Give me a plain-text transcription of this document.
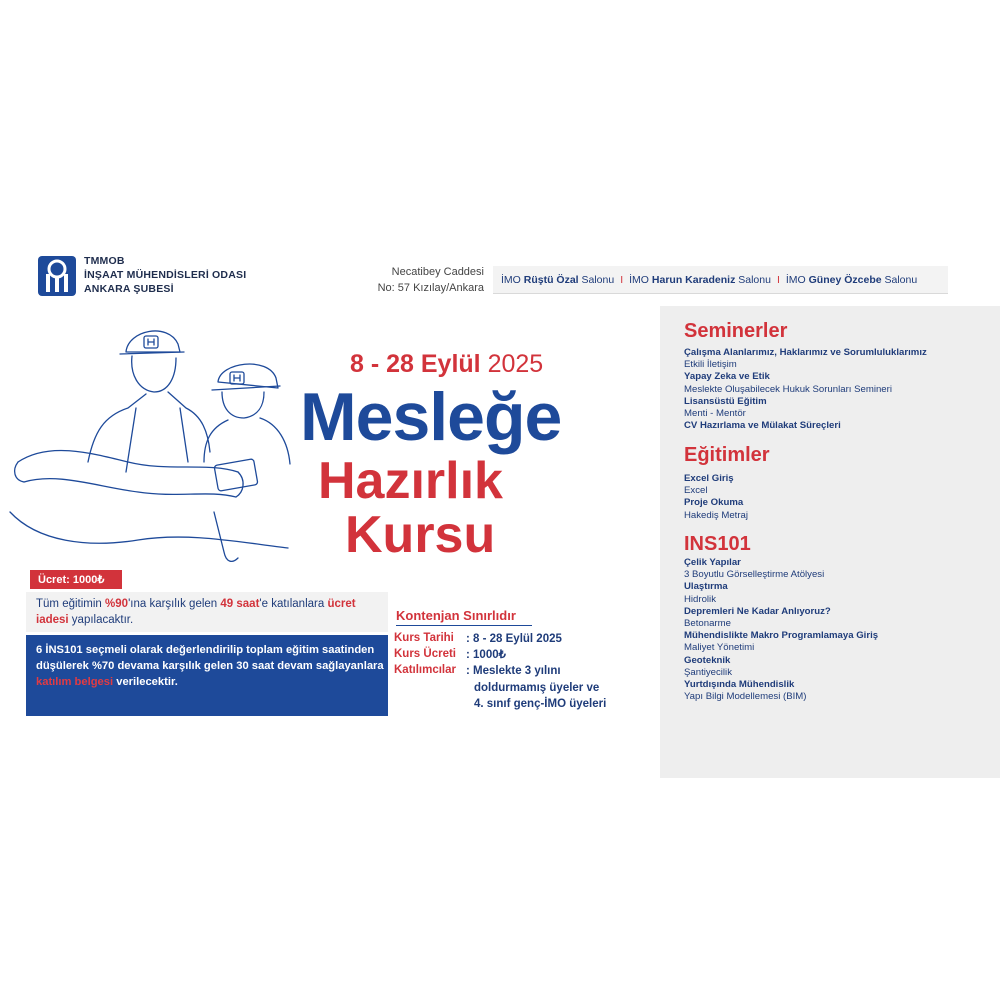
TMMOB
İNŞAAT MÜHENDİSLERİ ODASI
ANKARA ŞUBESİ
Necatibey Caddesi
No: 57 Kızılay/Ankara
İMO Rüştü Özal Salonu I İMO Harun Karadeniz Salonu I İMO Güney Özcebe Salonu
8 - 28 Eylül 2025
Mesleğe
Hazırlık
Kursu
Ücret: 1000₺
Tüm eğitimin %90'ına karşılık gelen 49 saat'e katılanlara ücret iadesi yapılacaktır.
6 İNS101 seçmeli olarak değerlendirilip toplam eğitim saatinden düşülerek %70 devama karşılık gelen 30 saat devam sağlayanlara katılım belgesi verilecektir.
Kontenjan Sınırlıdır
Kurs Tarihi : 8 - 28 Eylül 2025
Kurs Ücreti : 1000₺
Katılımcılar : Meslekte 3 yılını
doldurmamış üyeler ve
4. sınıf genç-İMO üyeleri
Seminerler
Çalışma Alanlarımız, Haklarımız ve Sorumluluklarımız
Etkili İletişim
Yapay Zeka ve Etik
Meslekte Oluşabilecek Hukuk Sorunları Semineri
Lisansüstü Eğitim
Menti - Mentör
CV Hazırlama ve Mülakat Süreçleri
Eğitimler
Excel Giriş
Excel
Proje Okuma
Hakediş Metraj
INS101
Çelik Yapılar
3 Boyutlu Görselleştirme Atölyesi
Ulaştırma
Hidrolik
Depremleri Ne Kadar Anlıyoruz?
Betonarme
Mühendislikte Makro Programlamaya Giriş
Maliyet Yönetimi
Geoteknik
Şantiyecilik
Yurtdışında Mühendislik
Yapı Bilgi Modellemesi (BIM)
